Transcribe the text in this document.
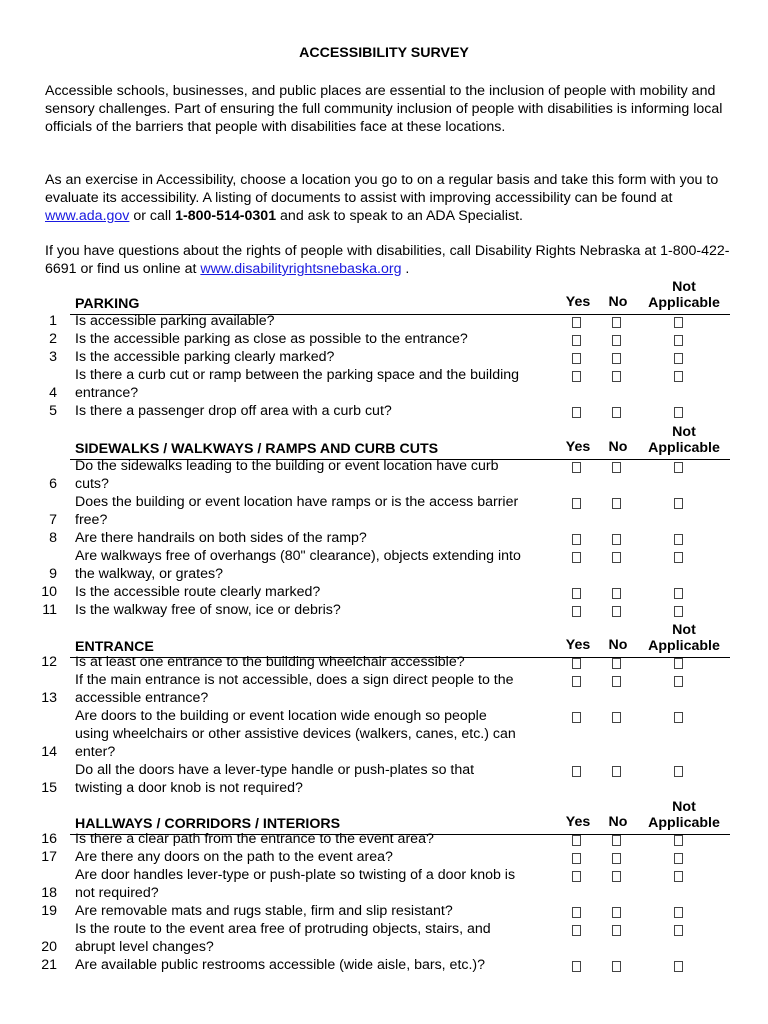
ACCESSIBILITY SURVEY
Accessible schools, businesses, and public places are essential to the inclusion of people with mobility and sensory challenges. Part of ensuring the full community inclusion of people with disabilities is informing local officials of the barriers that people with disabilities face at these locations.
As an exercise in Accessibility, choose a location you go to on a regular basis and take this form with you to evaluate its accessibility. A listing of documents to assist with improving accessibility can be found at www.ada.gov or call 1-800-514-0301 and ask to speak to an ADA Specialist.
If you have questions about the rights of people with disabilities, call Disability Rights Nebraska at 1-800-422-6691 or find us online at www.disabilityrightsnebaska.org .
PARKING	Yes	No
Not
Applicable
1 Is accessible parking available?
2 Is the accessible parking as close as possible to the entrance?
3 Is the accessible parking clearly marked?
4
Is there a curb cut or ramp between the parking space and the building
entrance?
5 Is there a passenger drop off area with a curb cut?
SIDEWALKS / WALKWAYS / RAMPS AND CURB CUTS	Yes	No
Not
Applicable
6
Do the sidewalks leading to the building or event location have curb
cuts?
7
Does the building or event location have ramps or is the access barrier
free?
8 Are there handrails on both sides of the ramp?
9
Are walkways free of overhangs (80" clearance), objects extending into
the walkway, or grates?
10 Is the accessible route clearly marked?
11 Is the walkway free of snow, ice or debris?
ENTRANCE	Yes	No
Not
Applicable
12 Is at least one entrance to the building wheelchair accessible?
13
If the main entrance is not accessible, does a sign direct people to the
accessible entrance?
14
Are doors to the building or event location wide enough so people
using wheelchairs or other assistive devices (walkers, canes, etc.) can
enter?
15
Do all the doors have a lever-type handle or push-plates so that
twisting a door knob is not required?
HALLWAYS / CORRIDORS / INTERIORS	Yes	No
Not
Applicable
16 Is there a clear path from the entrance to the event area?
17 Are there any doors on the path to the event area?
18
Are door handles lever-type or push-plate so twisting of a door knob is
not required?
19 Are removable mats and rugs stable, firm and slip resistant?
20
Is the route to the event area free of protruding objects, stairs, and
abrupt level changes?
21 Are available public restrooms accessible (wide aisle, bars, etc.)?
